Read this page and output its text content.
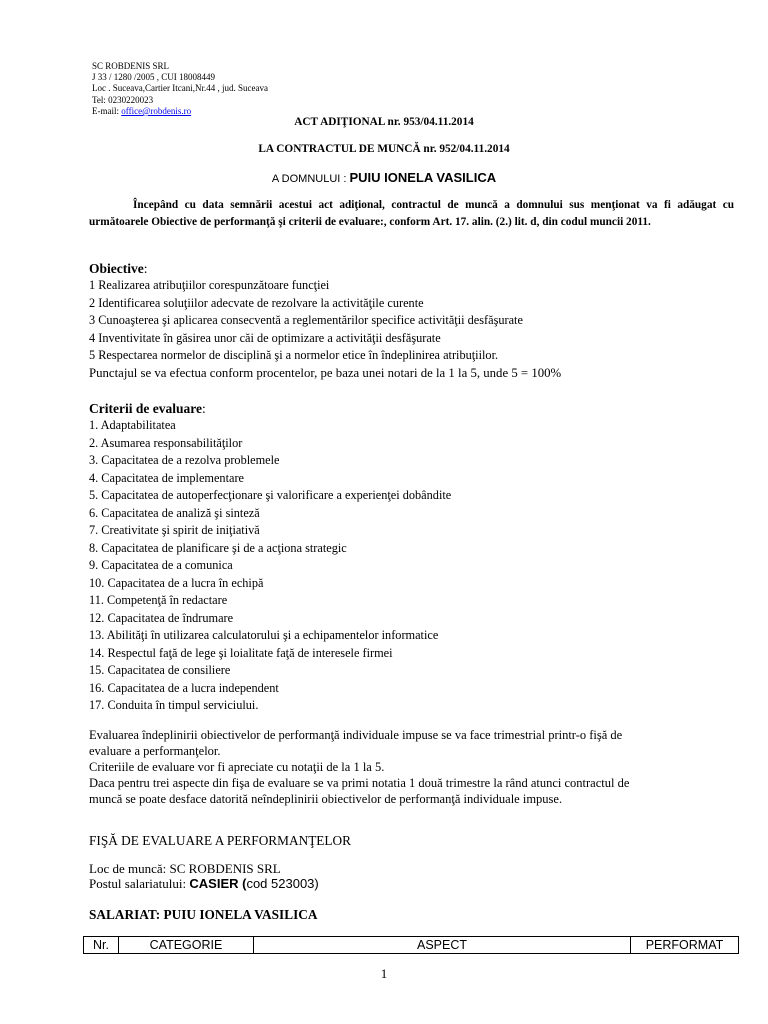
SC ROBDENIS SRL
J 33 / 1280 /2005 , CUI 18008449
Loc . Suceava,Cartier Itcani,Nr.44 , jud. Suceava
Tel: 0230220023
E-mail: office@robdenis.ro
ACT ADIŢIONAL nr. 953/04.11.2014
LA CONTRACTUL DE MUNCĂ nr. 952/04.11.2014
A DOMNULUI : PUIU IONELA VASILICA
Începând cu data semnării acestui act adiţional, contractul de muncă a domnului sus menţionat va fi adăugat cu următoarele Obiective de performanţă şi criterii de evaluare:, conform Art. 17. alin. (2.) lit. d, din codul muncii 2011.
Obiective:
1 Realizarea atribuţiilor corespunzătoare funcţiei
2 Identificarea soluţiilor adecvate de rezolvare la activităţile curente
3 Cunoaşterea şi aplicarea consecventă a reglementărilor specifice activităţii desfăşurate
4 Inventivitate în găsirea unor căi de optimizare a activităţii desfăşurate
5 Respectarea normelor de disciplină şi a normelor etice în îndeplinirea atribuţiilor.
Punctajul se va efectua conform procentelor, pe baza unei notari de la 1 la 5, unde 5 = 100%
Criterii de evaluare:
1. Adaptabilitatea
2. Asumarea responsabilităţilor
3. Capacitatea de a rezolva problemele
4. Capacitatea de implementare
5. Capacitatea de autoperfecţionare şi valorificare a experienţei dobândite
6. Capacitatea de analiză şi sinteză
7. Creativitate şi spirit de iniţiativă
8. Capacitatea de planificare şi de a acţiona strategic
9. Capacitatea de a comunica
10. Capacitatea de a lucra în echipă
11. Competenţă în redactare
12. Capacitatea de îndrumare
13. Abilităţi în utilizarea calculatorului şi a echipamentelor informatice
14. Respectul faţă de lege şi loialitate faţă de interesele firmei
15. Capacitatea de consiliere
16. Capacitatea de a lucra independent
17. Conduita în timpul serviciului.
Evaluarea îndeplinirii obiectivelor de performanţă individuale impuse se va face trimestrial printr-o fişă de
evaluare a performanţelor.
Criteriile de evaluare vor fi apreciate cu notaţii de la 1 la 5.
Daca pentru trei aspecte din fişa de evaluare se va primi notatia 1 două trimestre la rând atunci contractul de
muncă se poate desface datorită neîndeplinirii obiectivelor de performanţă individuale impuse.
FIŞĂ DE EVALUARE A PERFORMANŢELOR
Loc de muncă: SC ROBDENIS SRL
Postul salariatului: CASIER (cod 523003)
SALARIAT: PUIU IONELA VASILICA
Nr.	CATEGORIE	ASPECT	PERFORMAT
1
